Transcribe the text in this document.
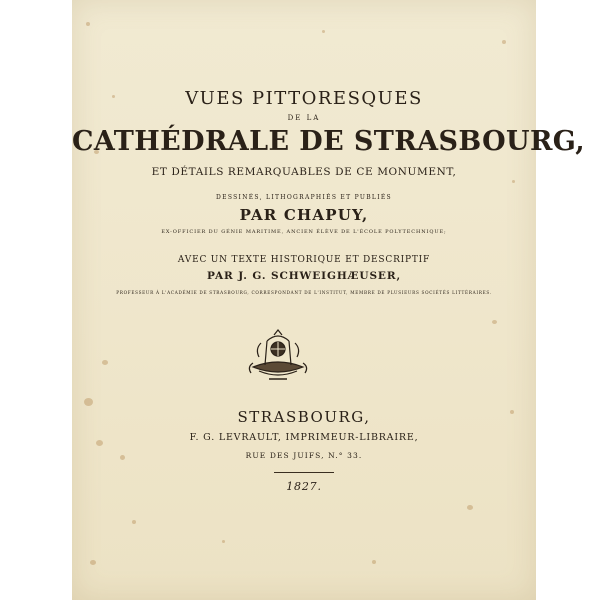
VUES PITTORESQUES
DE LA
CATHÉDRALE DE STRASBOURG,
ET DÉTAILS REMARQUABLES DE CE MONUMENT,
DESSINÉS, LITHOGRAPHIÉS ET PUBLIÉS
PAR CHAPUY,
EX-OFFICIER DU GÉNIE MARITIME, ANCIEN ÉLÈVE DE L'ÉCOLE POLYTECHNIQUE;
AVEC UN TEXTE HISTORIQUE ET DESCRIPTIF
PAR J. G. SCHWEIGHÆUSER,
PROFESSEUR À L'ACADÉMIE DE STRASBOURG, CORRESPONDANT DE L'INSTITUT, MEMBRE DE PLUSIEURS SOCIÉTÉS LITTÉRAIRES.
STRASBOURG,
F. G. LEVRAULT, IMPRIMEUR-LIBRAIRE,
RUE DES JUIFS, N.° 33.
1827.
